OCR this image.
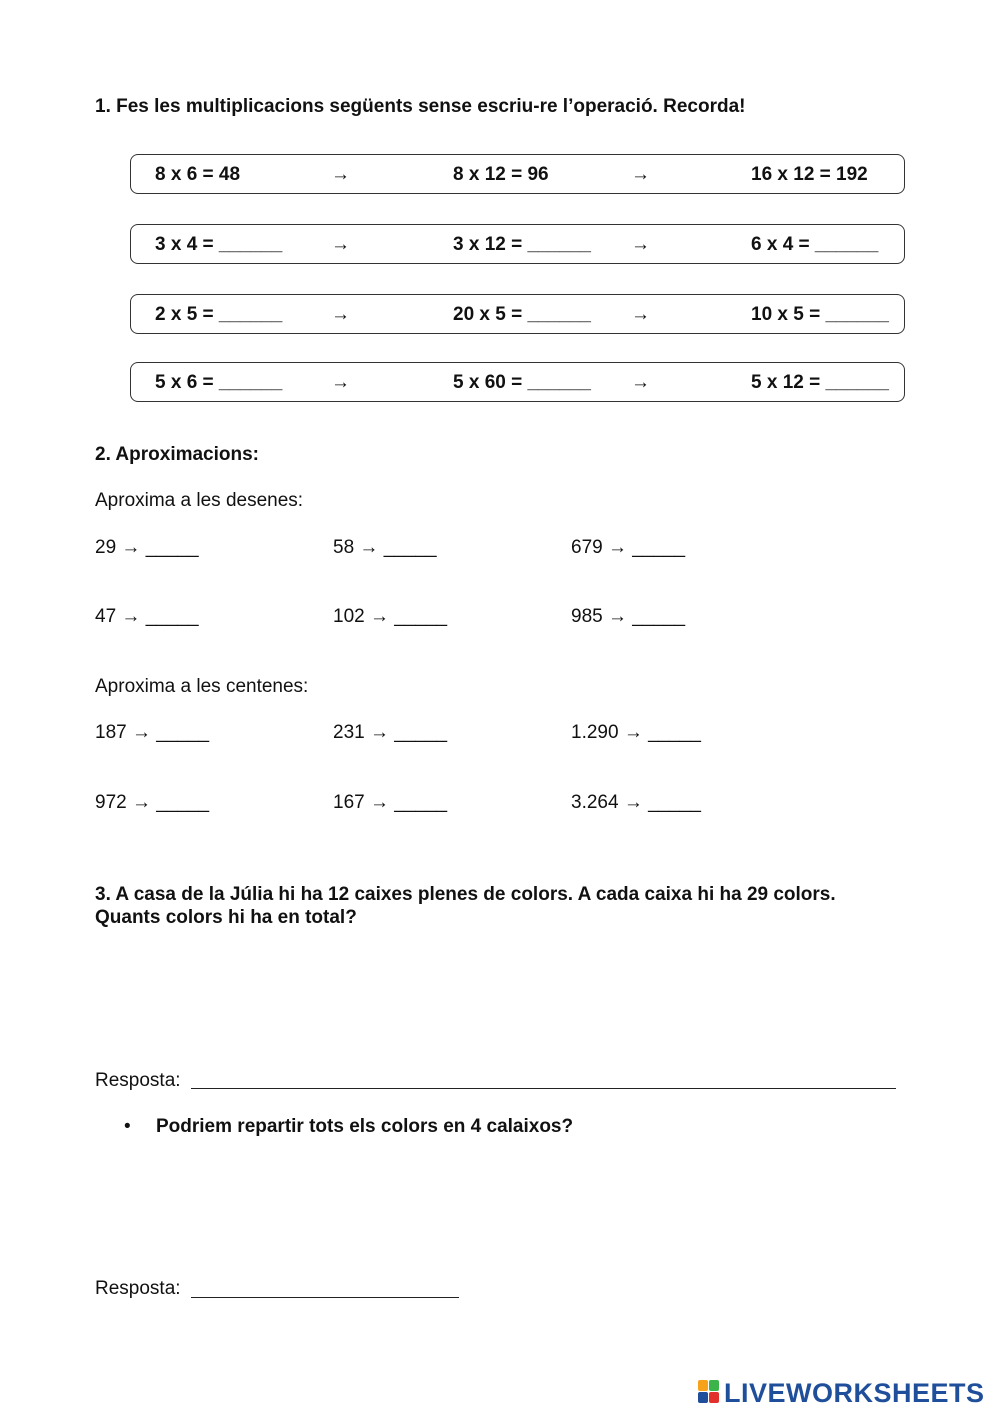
1. Fes les multiplicacions següents sense escriu-re l’operació. Recorda!
8 x 6 = 48	→	8 x 12 = 96	→	16 x 12 = 192
3 x 4 = ______	→	3 x 12 = ______ →	6 x 4 = ______
2 x 5 = ______	→	20 x 5 = ______ →	10 x 5 = ______
5 x 6 = ______	→	5 x 60 = ______ →	5 x 12 = ______
2. Aproximacions:
Aproxima a les desenes:
29 → _____	58 → _____	679 → _____
47 → _____	102 → _____	985 → _____
Aproxima a les centenes:
187 → _____	231 → _____	1.290 → _____
972 → _____	167 → _____	3.264 → _____
3. A casa de la Júlia hi ha 12 caixes plenes de colors. A cada caixa hi ha 29 colors.
Quants colors hi ha en total?
Resposta:
• Podriem repartir tots els colors en 4 calaixos?
Resposta:
LIVEWORKSHEETS
